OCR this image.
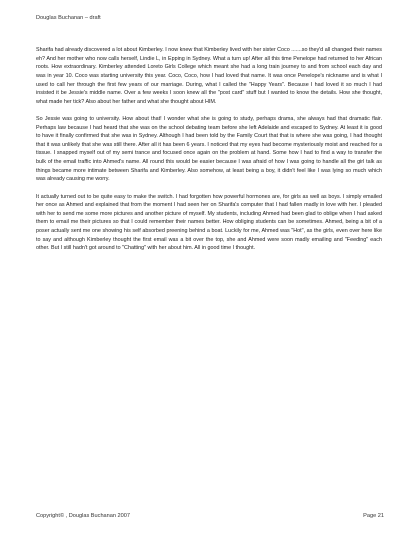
Douglas Buchanan – draft

Sharifa had already discovered a lot about Kimberley. I now knew that Kimberley lived with her sister Coco .......so they'd all changed their names eh? And her mother who now calls herself, Lindie L, in Epping in Sydney. What a turn up! After all this time Penelope had returned to her African roots. How extraordinary. Kimberley attended Loreto Girls College which meant she had a long train journey to and from school each day and was in year 10. Coco was starting university this year. Coco, Coco, how I had loved that name. It was once Penelope's nickname and is what I used to call her through the first few years of our marriage. During, what I called the "Happy Years". Because I had loved it so much I had insisted it be Jessie's middle name. Over a few weeks I soon knew all the "post card" stuff but I wanted to know the details. How she thought, what made her tick? Also about her father and what she thought about HIM.

So Jessie was going to university. How about that! I wonder what she is going to study, perhaps drama, she always had that dramatic flair. Perhaps law because I had heard that she was on the school debating team before she left Adelaide and escaped to Sydney. At least it is good to have it finally confirmed that she was in Sydney. Although I had been told by the Family Court that that is where she was going, I had thought that it was unlikely that she was still there. After all it has been 6 years. I noticed that my eyes had become mysteriously moist and reached for a tissue. I snapped myself out of my semi trance and focused once again on the problem at hand. Some how I had to find a way to transfer the bulk of the email traffic into Ahmed's name. All round this would be easier because I was afraid of how I was going to handle all the girl talk as things became more intimate between Sharifa and Kimberley. Also somehow, at least being a boy, it didn't feel like I was lying so much which was already causing me worry.

It actually turned out to be quite easy to make the switch. I had forgotten how powerful hormones are, for girls as well as boys. I simply emailed her once as Ahmed and explained that from the moment I had seen her on Sharifa's computer that I had fallen madly in love with her. I pleaded with her to send me some more pictures and another picture of myself. My students, including Ahmed had been glad to oblige when I had asked them to email me their pictures so that I could remember their names better. How obliging students can be sometimes. Ahmed, being a bit of a poser actually sent me one showing his self absorbed preening behind a boat. Luckily for me, Ahmed was "Hot", as the girls, even over here like to say and although Kimberley thought the first email was a bit over the top, she and Ahmed were soon madly emailing and "Feeding" each other. But I still hadn't got around to "Chatting" with her about him. All in good time I thought.

Copyright© , Douglas Buchanan 2007	Page 21
